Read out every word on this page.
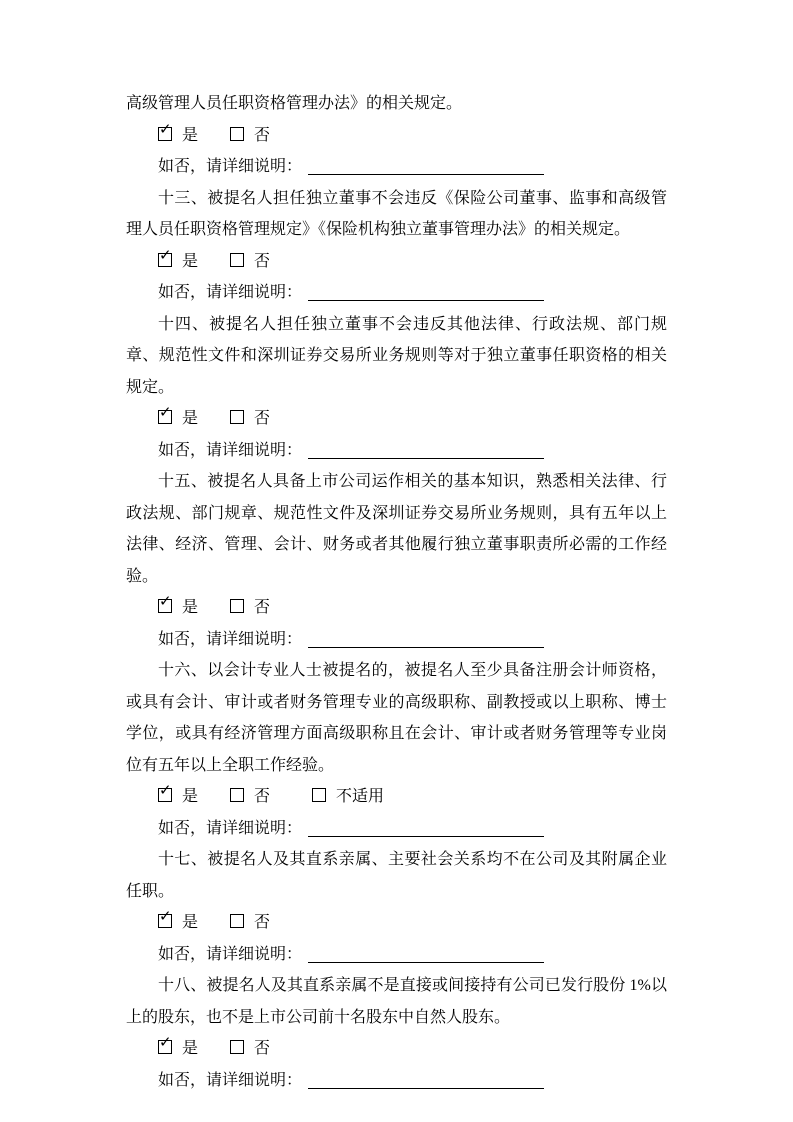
高级管理人员任职资格管理办法》的相关规定。

✓ 是	否
如否，请详细说明：

十三、被提名人担任独立董事不会违反《保险公司董事、监事和高级管理人员任职资格管理规定》《保险机构独立董事管理办法》的相关规定。

✓ 是	否
如否，请详细说明：

十四、被提名人担任独立董事不会违反其他法律、行政法规、部门规章、规范性文件和深圳证券交易所业务规则等对于独立董事任职资格的相关规定。

✓ 是	否
如否，请详细说明：

十五、被提名人具备上市公司运作相关的基本知识，熟悉相关法律、行政法规、部门规章、规范性文件及深圳证券交易所业务规则，具有五年以上法律、经济、管理、会计、财务或者其他履行独立董事职责所必需的工作经验。

✓ 是	否
如否，请详细说明：

十六、以会计专业人士被提名的，被提名人至少具备注册会计师资格，或具有会计、审计或者财务管理专业的高级职称、副教授或以上职称、博士学位，或具有经济管理方面高级职称且在会计、审计或者财务管理等专业岗位有五年以上全职工作经验。

✓ 是	否	不适用
如否，请详细说明：

十七、被提名人及其直系亲属、主要社会关系均不在公司及其附属企业任职。

✓ 是	否
如否，请详细说明：

十八、被提名人及其直系亲属不是直接或间接持有公司已发行股份 1%以上的股东，也不是上市公司前十名股东中自然人股东。

✓ 是	否
如否，请详细说明：
